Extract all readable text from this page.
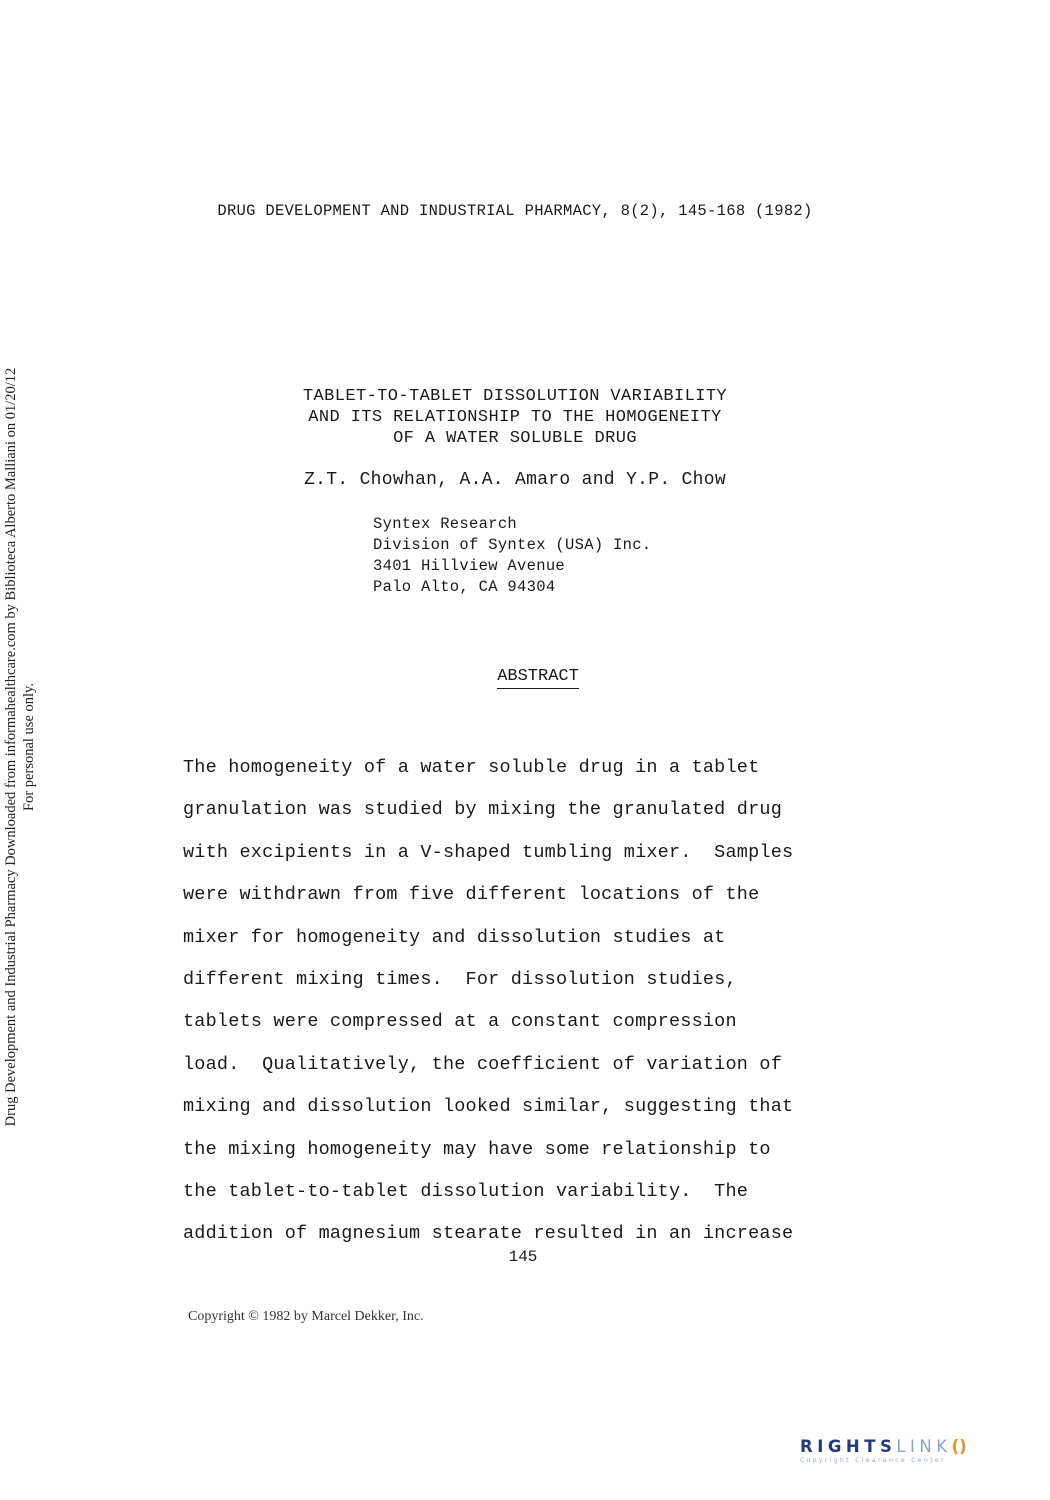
Drug Development and Industrial Pharmacy Downloaded from informahealthcare.com by Biblioteca Alberto Malliani on 01/20/12 For personal use only.
DRUG DEVELOPMENT AND INDUSTRIAL PHARMACY, 8(2), 145-168 (1982)
TABLET-TO-TABLET DISSOLUTION VARIABILITY
AND ITS RELATIONSHIP TO THE HOMOGENEITY
OF A WATER SOLUBLE DRUG
Z.T. Chowhan, A.A. Amaro and Y.P. Chow
Syntex Research
Division of Syntex (USA) Inc.
3401 Hillview Avenue
Palo Alto, CA 94304
ABSTRACT
The homogeneity of a water soluble drug in a tablet
granulation was studied by mixing the granulated drug
with excipients in a V-shaped tumbling mixer.  Samples
were withdrawn from five different locations of the
mixer for homogeneity and dissolution studies at
different mixing times.  For dissolution studies,
tablets were compressed at a constant compression
load.  Qualitatively, the coefficient of variation of
mixing and dissolution looked similar, suggesting that
the mixing homogeneity may have some relationship to
the tablet-to-tablet dissolution variability.  The
addition of magnesium stearate resulted in an increase
145
Copyright © 1982 by Marcel Dekker, Inc.
RIGHTSLINK()
Copyright Clearance Center
